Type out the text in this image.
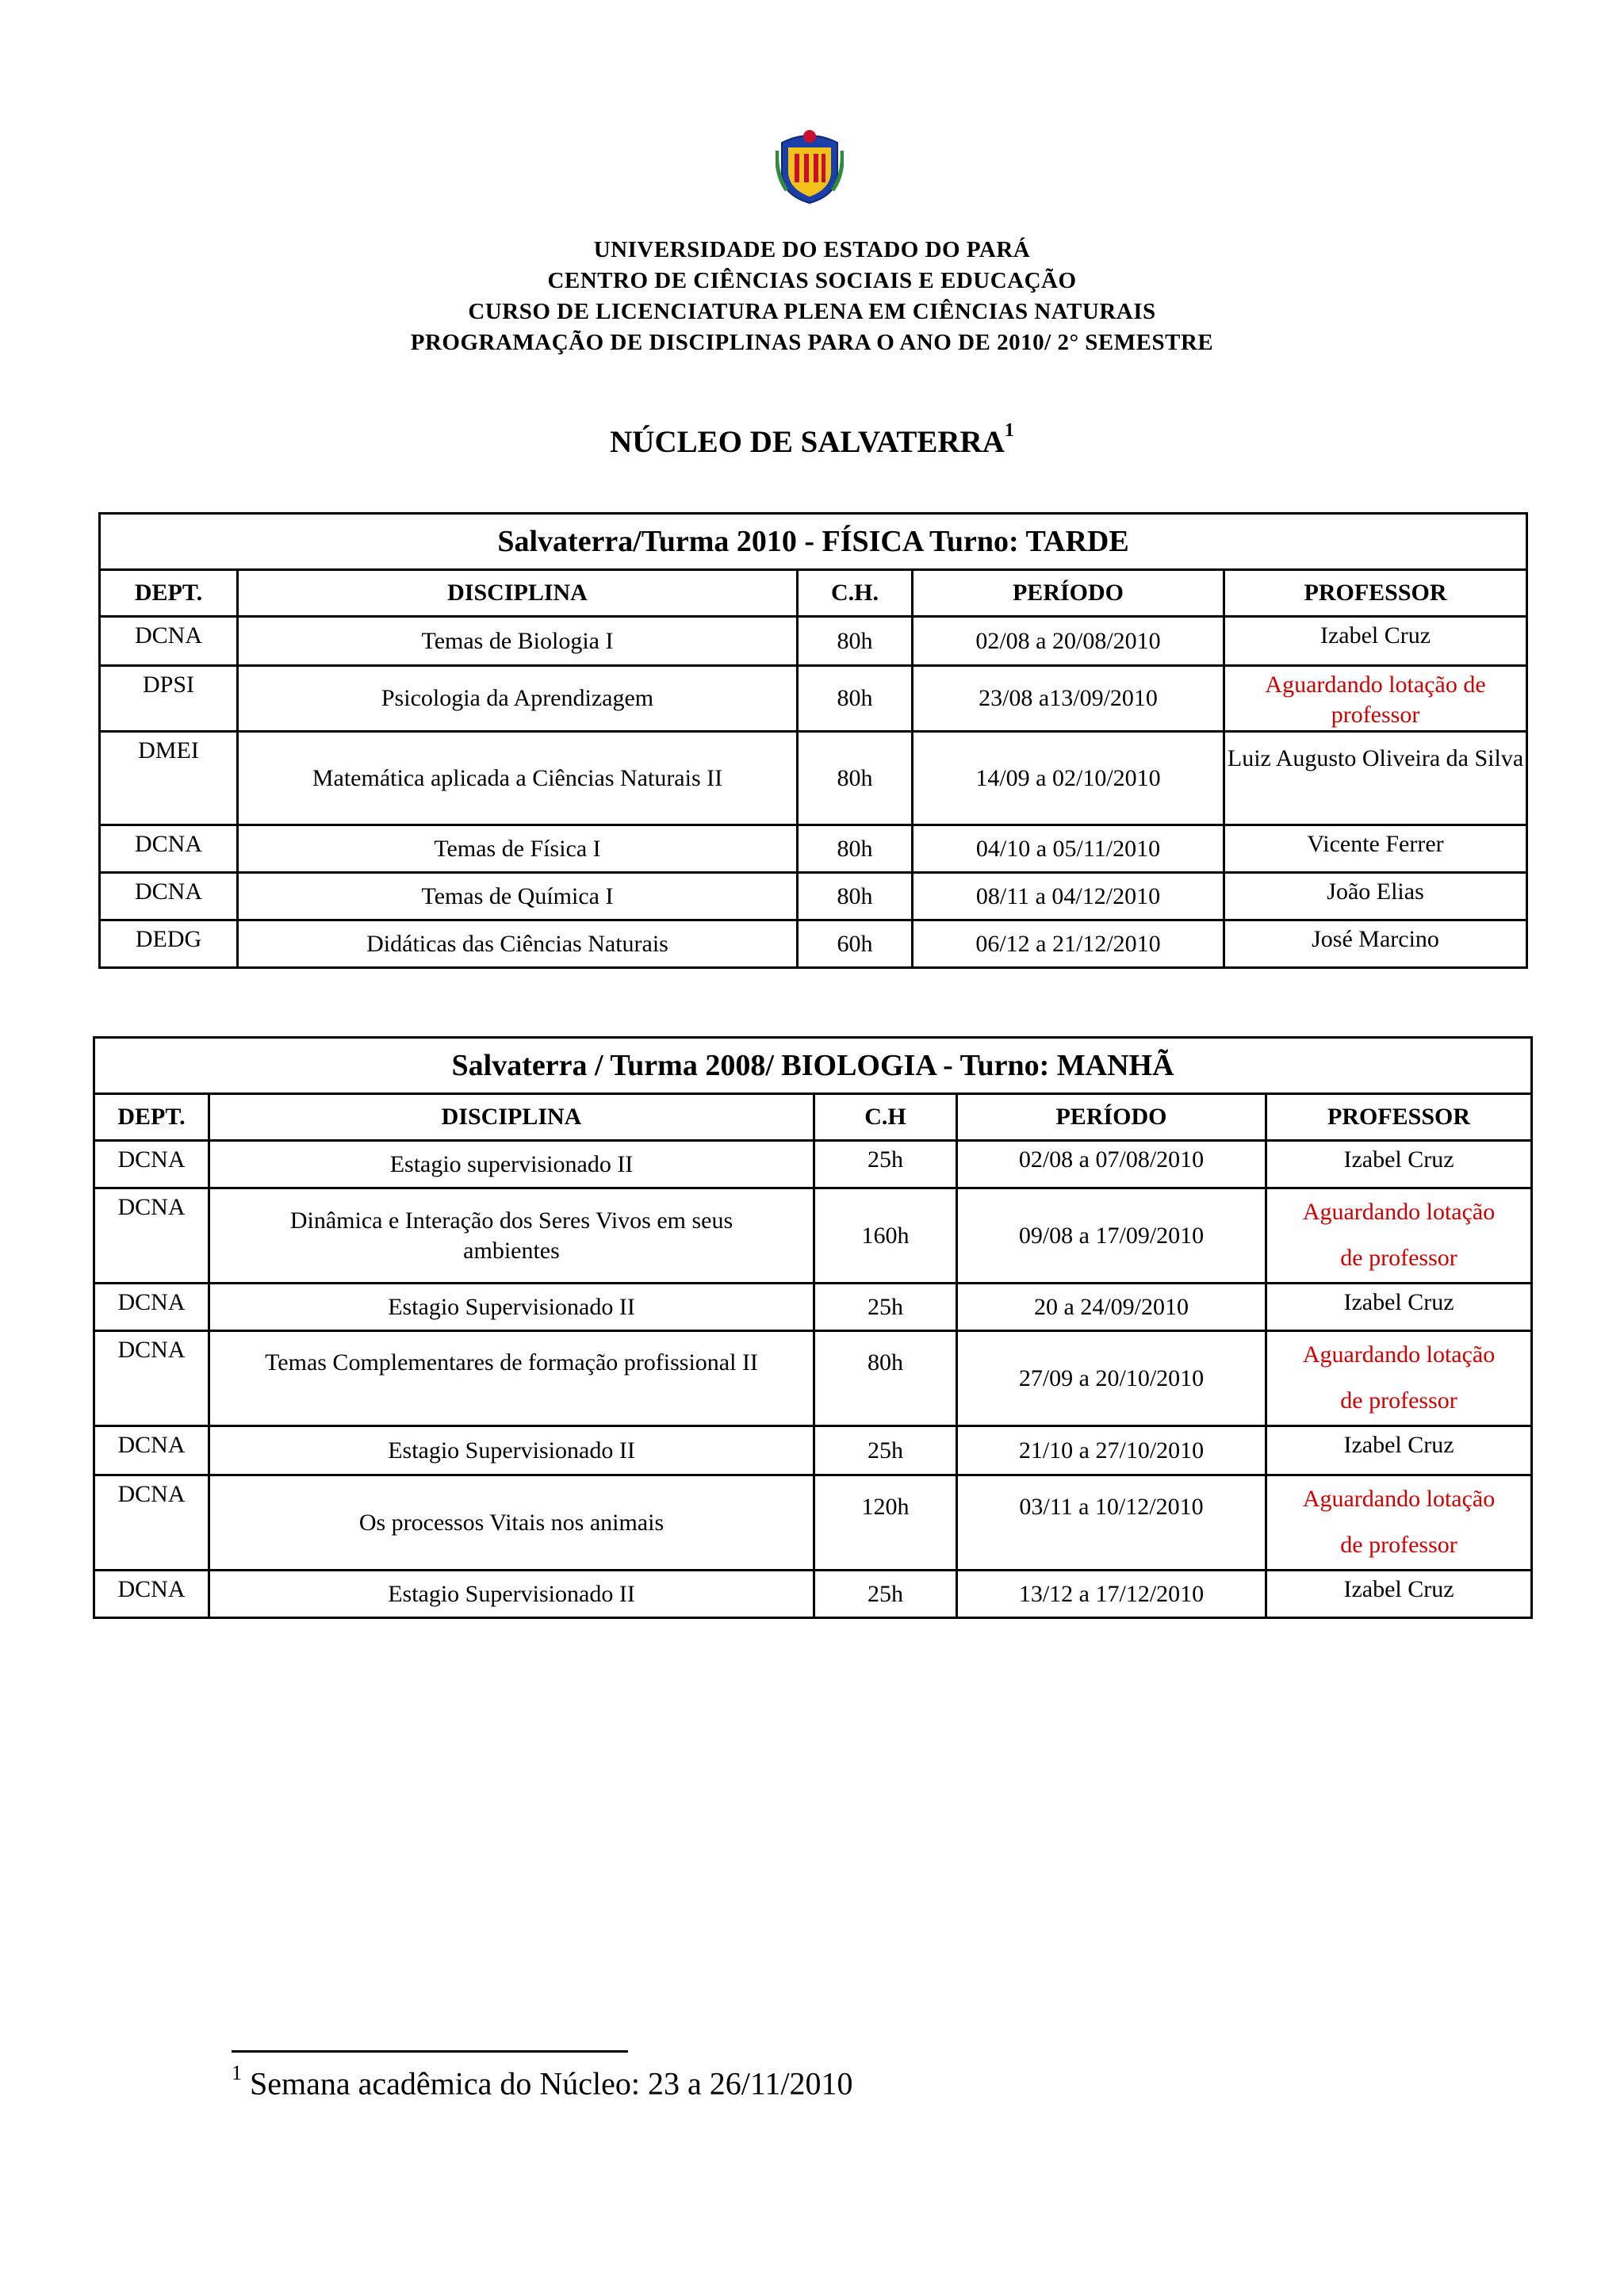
UNIVERSIDADE DO ESTADO DO PARÁ
CENTRO DE CIÊNCIAS SOCIAIS E EDUCAÇÃO
CURSO DE LICENCIATURA PLENA EM CIÊNCIAS NATURAIS
PROGRAMAÇÃO DE DISCIPLINAS PARA O ANO DE 2010/ 2° SEMESTRE
NÚCLEO DE SALVATERRA$^1$
Salvaterra/Turma 2010 - FÍSICA Turno: TARDE				
DEPT.	DISCIPLINA	C.H.	PERÍODO	PROFESSOR
DCNA	Temas de Biologia I	80h	02/08 a 20/08/2010	Izabel Cruz
DPSI	Psicologia da Aprendizagem	80h	23/08 a13/09/2010	Aguardando lotação de professor
DMEI	Matemática aplicada a Ciências Naturais II	80h	14/09 a 02/10/2010	Luiz Augusto Oliveira da Silva
DCNA	Temas de Física I	80h	04/10 a 05/11/2010	Vicente Ferrer
DCNA	Temas de Química I	80h	08/11 a 04/12/2010	João Elias
DEDG	Didáticas das Ciências Naturais	60h	06/12 a 21/12/2010	José Marcino
Salvaterra / Turma 2008/ BIOLOGIA - Turno: MANHÃ				
DEPT.	DISCIPLINA	C.H	PERÍODO	PROFESSOR
DCNA	Estagio supervisionado II	25h	02/08 a 07/08/2010	Izabel Cruz
DCNA	Dinâmica e Interação dos Seres Vivos em seus ambientes	160h	09/08 a 17/09/2010	Aguardando lotação de professor
DCNA	Estagio Supervisionado II	25h	20 a 24/09/2010	Izabel Cruz
DCNA	Temas Complementares de formação profissional II	80h	27/09 a 20/10/2010	Aguardando lotação de professor
DCNA	Estagio Supervisionado II	25h	21/10 a 27/10/2010	Izabel Cruz
DCNA	Os processos Vitais nos animais	120h	03/11 a 10/12/2010	Aguardando lotação de professor
DCNA	Estagio Supervisionado II	25h	13/12 a 17/12/2010	Izabel Cruz
$^1$ Semana acadêmica do Núcleo: 23 a 26/11/2010
